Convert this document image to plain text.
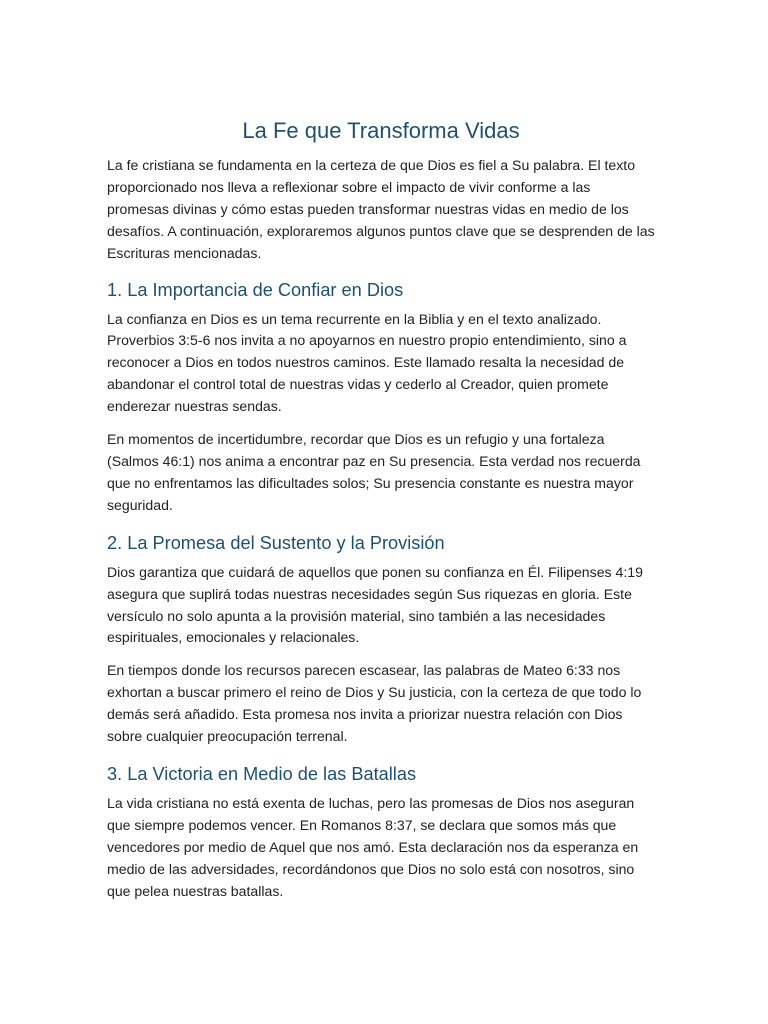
La Fe que Transforma Vidas

La fe cristiana se fundamenta en la certeza de que Dios es fiel a Su palabra. El texto proporcionado nos lleva a reflexionar sobre el impacto de vivir conforme a las promesas divinas y cómo estas pueden transformar nuestras vidas en medio de los desafíos. A continuación, exploraremos algunos puntos clave que se desprenden de las Escrituras mencionadas.

1. La Importancia de Confiar en Dios

La confianza en Dios es un tema recurrente en la Biblia y en el texto analizado. Proverbios 3:5-6 nos invita a no apoyarnos en nuestro propio entendimiento, sino a reconocer a Dios en todos nuestros caminos. Este llamado resalta la necesidad de abandonar el control total de nuestras vidas y cederlo al Creador, quien promete enderezar nuestras sendas.

En momentos de incertidumbre, recordar que Dios es un refugio y una fortaleza (Salmos 46:1) nos anima a encontrar paz en Su presencia. Esta verdad nos recuerda que no enfrentamos las dificultades solos; Su presencia constante es nuestra mayor seguridad.

2. La Promesa del Sustento y la Provisión

Dios garantiza que cuidará de aquellos que ponen su confianza en Él. Filipenses 4:19 asegura que suplirá todas nuestras necesidades según Sus riquezas en gloria. Este versículo no solo apunta a la provisión material, sino también a las necesidades espirituales, emocionales y relacionales.

En tiempos donde los recursos parecen escasear, las palabras de Mateo 6:33 nos exhortan a buscar primero el reino de Dios y Su justicia, con la certeza de que todo lo demás será añadido. Esta promesa nos invita a priorizar nuestra relación con Dios sobre cualquier preocupación terrenal.

3. La Victoria en Medio de las Batallas

La vida cristiana no está exenta de luchas, pero las promesas de Dios nos aseguran que siempre podemos vencer. En Romanos 8:37, se declara que somos más que vencedores por medio de Aquel que nos amó. Esta declaración nos da esperanza en medio de las adversidades, recordándonos que Dios no solo está con nosotros, sino que pelea nuestras batallas.
